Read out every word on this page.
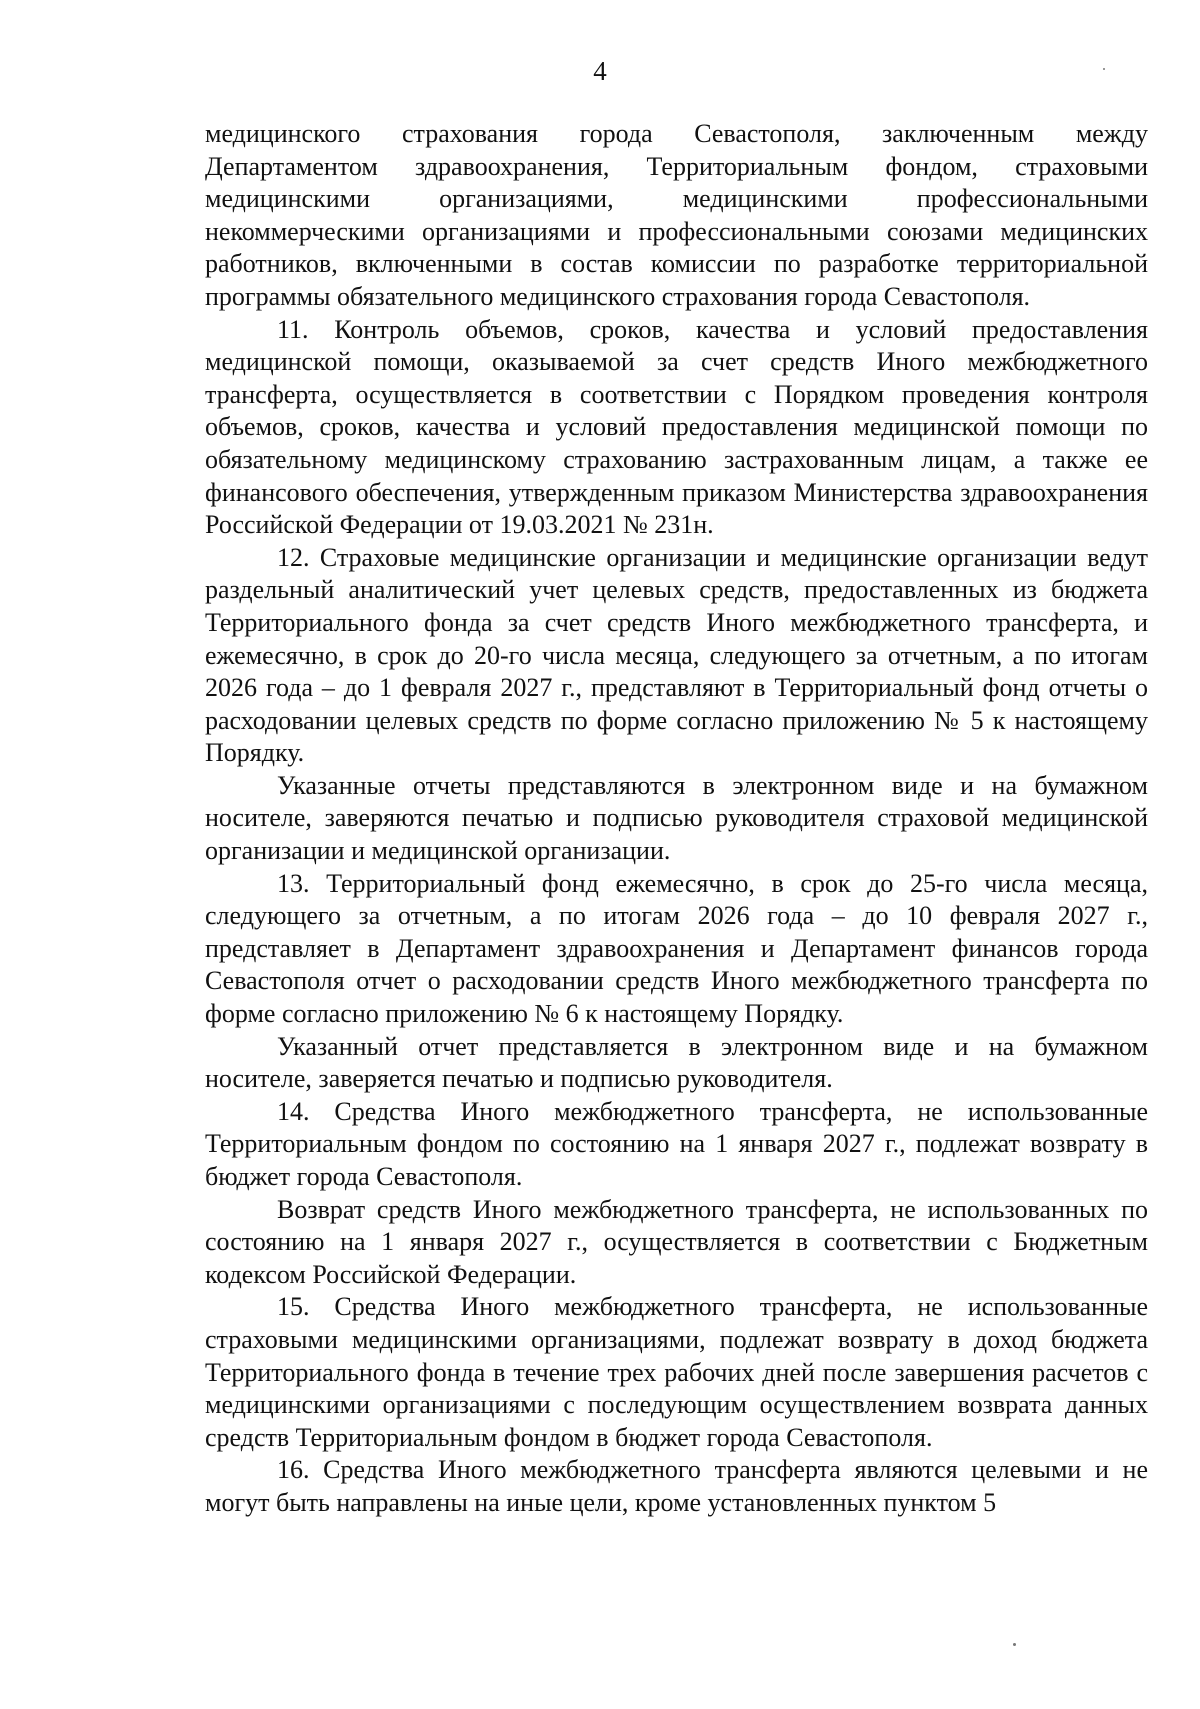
4

медицинского страхования города Севастополя, заключенным между Департаментом здравоохранения, Территориальным фондом, страховыми медицинскими организациями, медицинскими профессиональными некоммерческими организациями и профессиональными союзами медицинских работников, включенными в состав комиссии по разработке территориальной программы обязательного медицинского страхования города Севастополя.

11. Контроль объемов, сроков, качества и условий предоставления медицинской помощи, оказываемой за счет средств Иного межбюджетного трансферта, осуществляется в соответствии с Порядком проведения контроля объемов, сроков, качества и условий предоставления медицинской помощи по обязательному медицинскому страхованию застрахованным лицам, а также ее финансового обеспечения, утвержденным приказом Министерства здравоохранения Российской Федерации от 19.03.2021 № 231н.

12. Страховые медицинские организации и медицинские организации ведут раздельный аналитический учет целевых средств, предоставленных из бюджета Территориального фонда за счет средств Иного межбюджетного трансферта, и ежемесячно, в срок до 20-го числа месяца, следующего за отчетным, а по итогам 2026 года – до 1 февраля 2027 г., представляют в Территориальный фонд отчеты о расходовании целевых средств по форме согласно приложению № 5 к настоящему Порядку.

Указанные отчеты представляются в электронном виде и на бумажном носителе, заверяются печатью и подписью руководителя страховой медицинской организации и медицинской организации.

13. Территориальный фонд ежемесячно, в срок до 25-го числа месяца, следующего за отчетным, а по итогам 2026 года – до 10 февраля 2027 г., представляет в Департамент здравоохранения и Департамент финансов города Севастополя отчет о расходовании средств Иного межбюджетного трансферта по форме согласно приложению № 6 к настоящему Порядку.

Указанный отчет представляется в электронном виде и на бумажном носителе, заверяется печатью и подписью руководителя.

14. Средства Иного межбюджетного трансферта, не использованные Территориальным фондом по состоянию на 1 января 2027 г., подлежат возврату в бюджет города Севастополя.

Возврат средств Иного межбюджетного трансферта, не использованных по состоянию на 1 января 2027 г., осуществляется в соответствии с Бюджетным кодексом Российской Федерации.

15. Средства Иного межбюджетного трансферта, не использованные страховыми медицинскими организациями, подлежат возврату в доход бюджета Территориального фонда в течение трех рабочих дней после завершения расчетов с медицинскими организациями с последующим осуществлением возврата данных средств Территориальным фондом в бюджет города Севастополя.

16. Средства Иного межбюджетного трансферта являются целевыми и не могут быть направлены на иные цели, кроме установленных пунктом 5
